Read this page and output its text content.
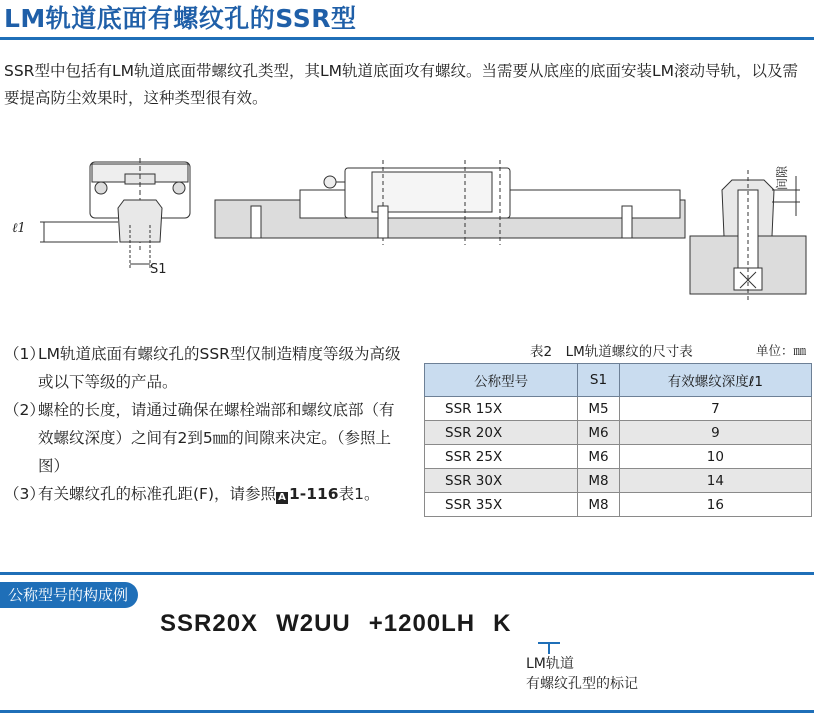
LM轨道底面有螺纹孔的SSR型
SSR型中包括有LM轨道底面带螺纹孔类型，其LM轨道底面攻有螺纹。当需要从底座的底面安装LM滚动导轨，以及需要提高防尘效果时，这种类型很有效。
ℓ1
S1
间隙
（1）
LM轨道底面有螺纹孔的SSR型仅制造精度等级为高级或以下等级的产品。
（2）
螺栓的长度，请通过确保在螺栓端部和螺纹底部（有效螺纹深度）之间有2到5㎜的间隙来决定。（参照上图）
（3）
有关螺纹孔的标准孔距(F)，请参照 A 1-116表1。
表2　LM轨道螺纹的尺寸表	单位：㎜
公称型号	S1	有效螺纹深度ℓ1
SSR 15X	M5	7
SSR 20X	M6	9
SSR 25X	M6	10
SSR 30X	M8	14
SSR 35X	M8	16
公称型号的构成例
SSR20X W2UU +1200LH K
LM轨道
有螺纹孔型的标记
